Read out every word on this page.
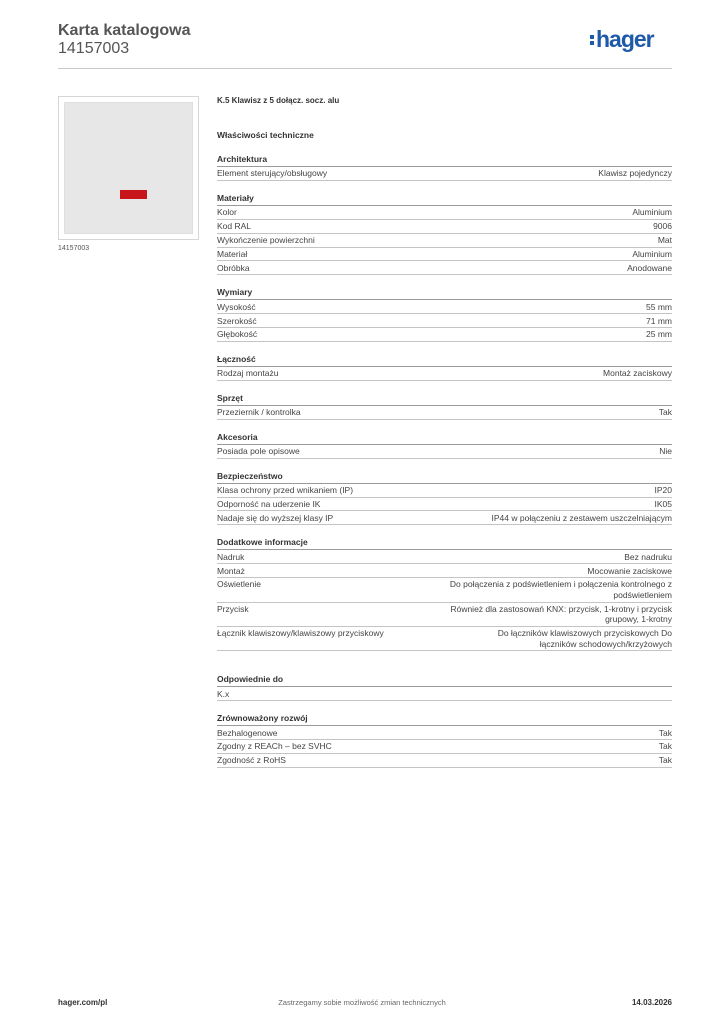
Karta katalogowa
14157003	hager
14157003
K.5 Klawisz z 5 dołącz. socz. alu
Właściwości techniczne
Architektura
Element sterujący/obsługowy	Klawisz pojedynczy
Materiały
Kolor	Aluminium
Kod RAL	9006
Wykończenie powierzchni	Mat
Materiał	Aluminium
Obróbka	Anodowane
Wymiary
Wysokość	55 mm
Szerokość	71 mm
Głębokość	25 mm
Łączność
Rodzaj montażu	Montaż zaciskowy
Sprzęt
Przeziernik / kontrolka	Tak
Akcesoria
Posiada pole opisowe	Nie
Bezpieczeństwo
Klasa ochrony przed wnikaniem (IP)	IP20
Odporność na uderzenie IK	IK05
Nadaje się do wyższej klasy IP	IP44 w połączeniu z zestawem uszczelniającym
Dodatkowe informacje
Nadruk	Bez nadruku
Montaż	Mocowanie zaciskowe
Oświetlenie	Do połączenia z podświetleniem i połączenia kontrolnego z podświetleniem
Przycisk	Również dla zastosowań KNX: przycisk, 1-krotny i przycisk grupowy, 1-krotny
Łącznik klawiszowy/klawiszowy przyciskowy	Do łączników klawiszowych przyciskowych Do łączników schodowych/krzyżowych
Odpowiednie do
K.x
Zrównoważony rozwój
Bezhalogenowe	Tak
Zgodny z REACh – bez SVHC	Tak
Zgodność z RoHS	Tak
hager.com/pl	Zastrzegamy sobie możliwość zmian technicznych	14.03.2026
